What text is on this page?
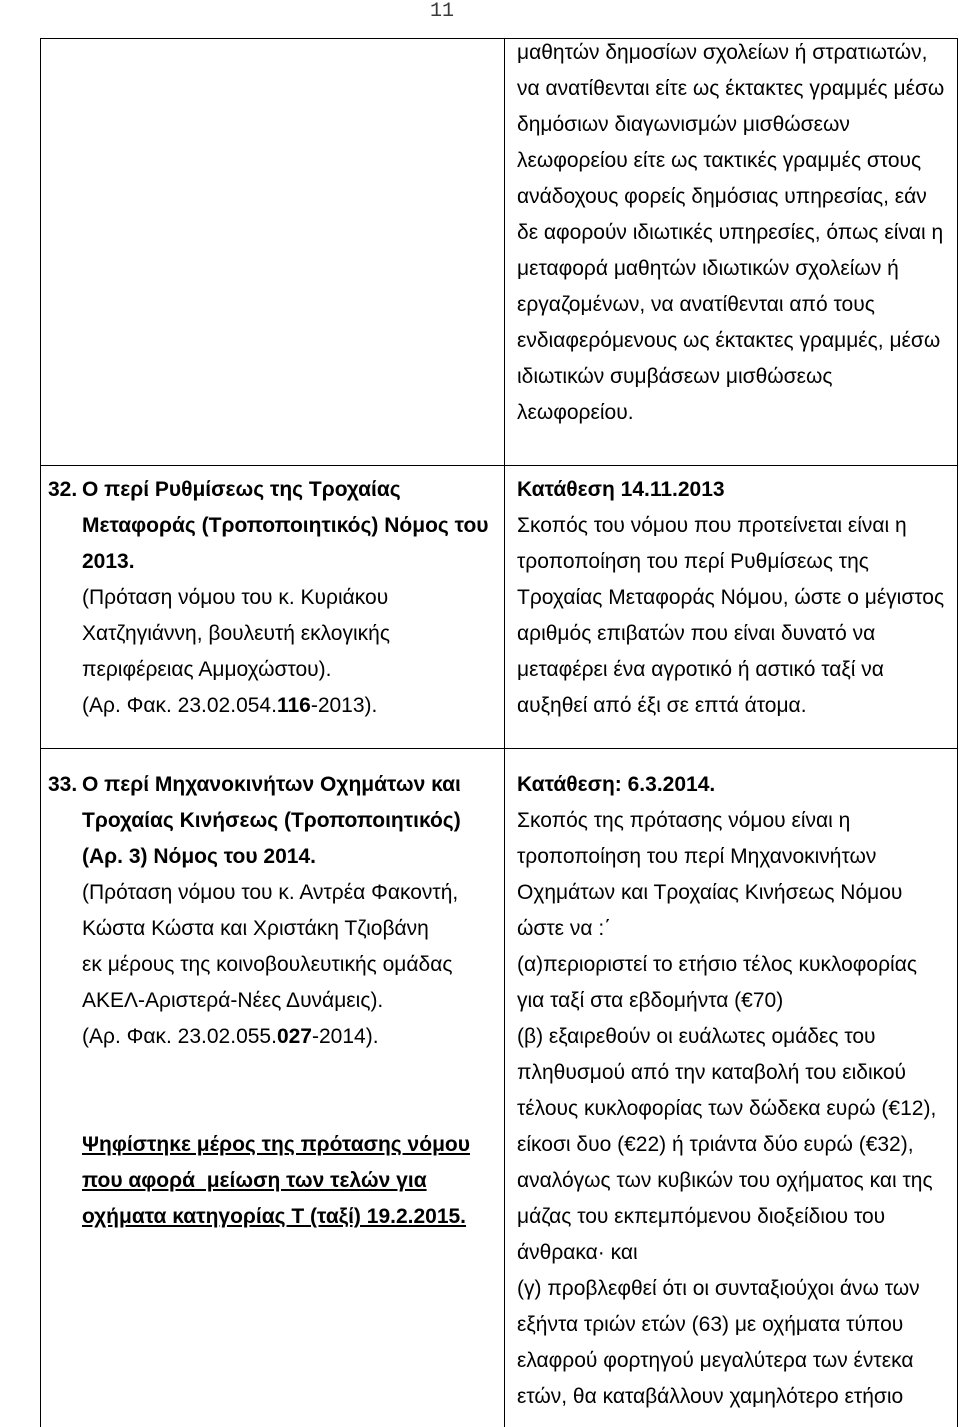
11
μαθητών δημοσίων σχολείων ή στρατιωτών,
να ανατίθενται είτε ως έκτακτες γραμμές μέσω
δημόσιων διαγωνισμών μισθώσεων
λεωφορείου είτε ως τακτικές γραμμές στους
ανάδοχους φορείς δημόσιας υπηρεσίας, εάν
δε αφορούν ιδιωτικές υπηρεσίες, όπως είναι η
μεταφορά μαθητών ιδιωτικών σχολείων ή
εργαζομένων, να ανατίθενται από τους
ενδιαφερόμενους ως έκτακτες γραμμές, μέσω
ιδιωτικών συμβάσεων μισθώσεως
λεωφορείου.
32. Ο περί Ρυθμίσεως της Τροχαίας
Μεταφοράς (Τροποποιητικός) Νόμος του
2013.
(Πρόταση νόμου του κ. Κυριάκου
Χατζηγιάννη, βουλευτή εκλογικής
περιφέρειας Αμμοχώστου).
(Αρ. Φακ. 23.02.054.116-2013).
Κατάθεση 14.11.2013
Σκοπός του νόμου που προτείνεται είναι η
τροποποίηση του περί Ρυθμίσεως της
Τροχαίας Μεταφοράς Νόμου, ώστε ο μέγιστος
αριθμός επιβατών που είναι δυνατό να
μεταφέρει ένα αγροτικό ή αστικό ταξί να
αυξηθεί από έξι σε επτά άτομα.
33. Ο περί Μηχανοκινήτων Οχημάτων και
Τροχαίας Κινήσεως (Τροποποιητικός)
(Αρ. 3) Νόμος του 2014.
(Πρόταση νόμου του κ. Αντρέα Φακοντή,
Κώστα Κώστα και Χριστάκη Τζιοβάνη
εκ μέρους της κοινοβουλευτικής ομάδας
ΑΚΕΛ-Αριστερά-Νέες Δυνάμεις).
(Αρ. Φακ. 23.02.055.027-2014).
Ψηφίστηκε μέρος της πρότασης νόμου
που αφορά  μείωση των τελών για
οχήματα κατηγορίας Τ (ταξί) 19.2.2015.
Κατάθεση: 6.3.2014.
Σκοπός της πρότασης νόμου είναι η
τροποποίηση του περί Μηχανοκινήτων
Οχημάτων και Τροχαίας Κινήσεως Νόμου
ώστε να :΄
(α)περιοριστεί το ετήσιο τέλος κυκλοφορίας
για ταξί στα εβδομήντα (€70)
(β) εξαιρεθούν οι ευάλωτες ομάδες του
πληθυσμού από την καταβολή του ειδικού
τέλους κυκλοφορίας των δώδεκα ευρώ (€12),
είκοσι δυο (€22) ή τριάντα δύο ευρώ (€32),
αναλόγως των κυβικών του οχήματος και της
μάζας του εκπεμπόμενου διοξείδιου του
άνθρακα· και
(γ) προβλεφθεί ότι οι συνταξιούχοι άνω των
εξήντα τριών ετών (63) με οχήματα τύπου
ελαφρού φορτηγού μεγαλύτερα των έντεκα
ετών, θα καταβάλλουν χαμηλότερο ετήσιο
